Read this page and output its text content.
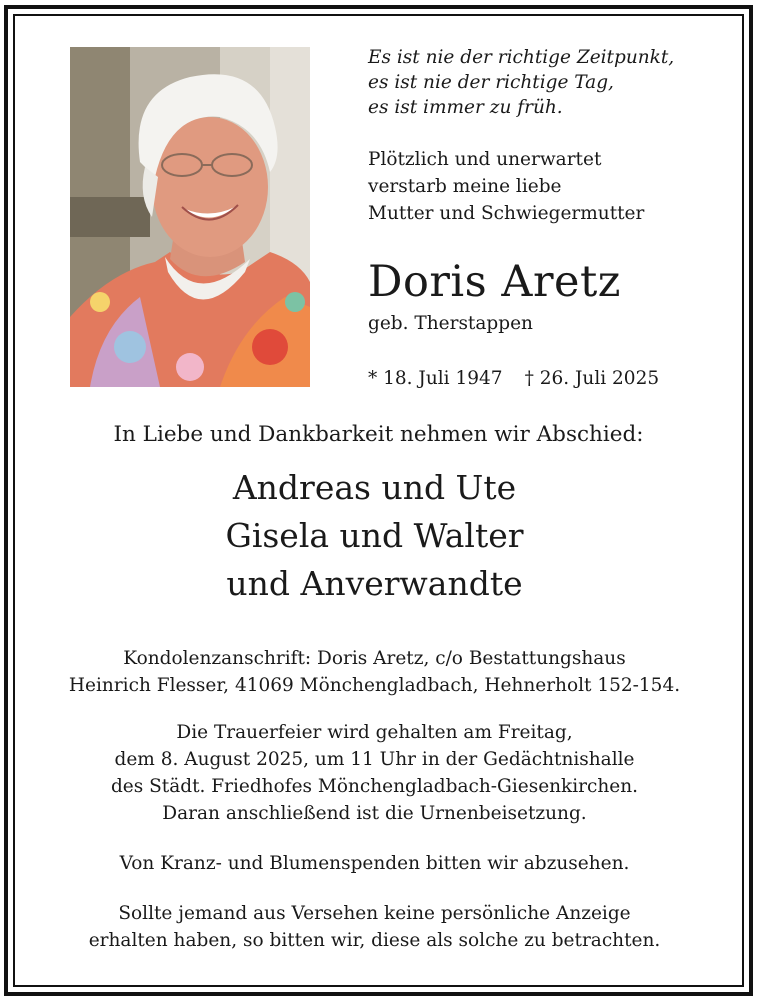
Es ist nie der richtige Zeitpunkt,
es ist nie der richtige Tag,
es ist immer zu früh.

Plötzlich und unerwartet
verstarb meine liebe
Mutter und Schwiegermutter
Doris Aretz
geb. Therstappen
* 18. Juli 1947 † 26. Juli 2025
In Liebe und Dankbarkeit nehmen wir Abschied:
Andreas und Ute
Gisela und Walter
und Anverwandte
Kondolenzanschrift: Doris Aretz, c/o Bestattungshaus
Heinrich Flesser, 41069 Mönchengladbach, Hehnerholt 152-154.
Die Trauerfeier wird gehalten am Freitag,
dem 8. August 2025, um 11 Uhr in der Gedächtnishalle
des Städt. Friedhofes Mönchengladbach-Giesenkirchen.
Daran anschließend ist die Urnenbeisetzung.
Von Kranz- und Blumenspenden bitten wir abzusehen.
Sollte jemand aus Versehen keine persönliche Anzeige
erhalten haben, so bitten wir, diese als solche zu betrachten.
